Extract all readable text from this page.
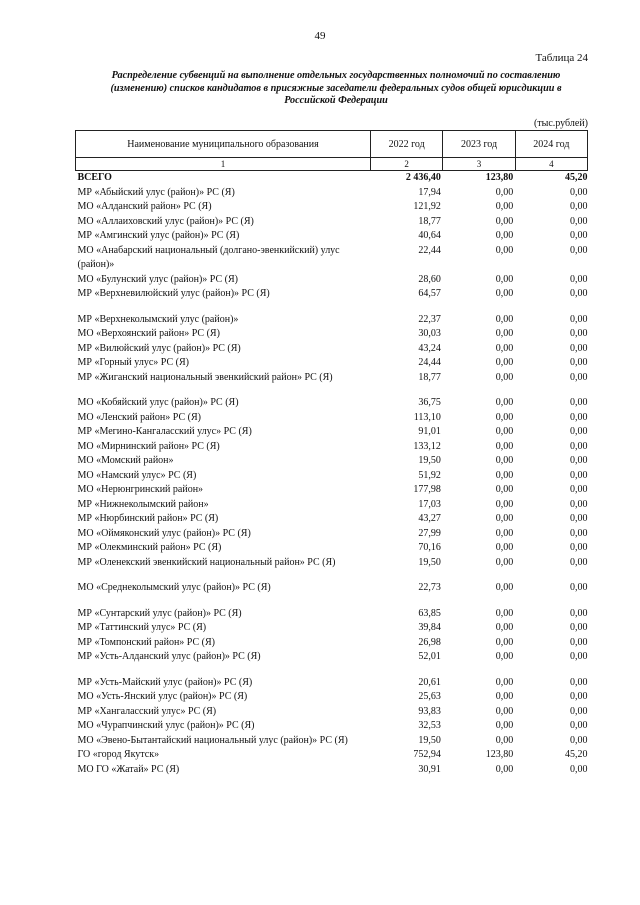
49
Таблица 24
Распределение субвенций на выполнение отдельных государственных полномочий по составлению (изменению) списков кандидатов в присяжные заседатели федеральных судов общей юрисдикции в Российской Федерации
(тыс.рублей)
Наименование муниципального образования	2022 год	2023 год	2024 год
1	2	3	4
ВСЕГО	2 436,40	123,80	45,20
МР «Абыйский улус (район)» РС (Я)	17,94	0,00	0,00
МО «Алданский район» РС (Я)	121,92	0,00	0,00
МО «Аллаиховский улус (район)» РС (Я)	18,77	0,00	0,00
МР «Амгинский улус (район)» РС (Я)	40,64	0,00	0,00
МО «Анабарский национальный (долгано-эвенкийский) улус (район)»	22,44	0,00	0,00
МО «Булунский улус (район)» РС (Я)	28,60	0,00	0,00
МР «Верхневилюйский улус (район)» РС (Я)	64,57	0,00	0,00

МР «Верхнеколымский улус (район)»	22,37	0,00	0,00
МО «Верхоянский район» РС (Я)	30,03	0,00	0,00
МР «Вилюйский улус (район)» РС (Я)	43,24	0,00	0,00
МР «Горный улус» РС (Я)	24,44	0,00	0,00
МР «Жиганский национальный эвенкийский район» РС (Я)	18,77	0,00	0,00

МО «Кобяйский улус (район)» РС (Я)	36,75	0,00	0,00
МО «Ленский район» РС (Я)	113,10	0,00	0,00
МР «Мегино-Кангаласский улус» РС (Я)	91,01	0,00	0,00
МО «Мирнинский район» РС (Я)	133,12	0,00	0,00
МО «Момский район»	19,50	0,00	0,00
МО «Намский улус» РС (Я)	51,92	0,00	0,00
МО «Нерюнгринский район»	177,98	0,00	0,00
МР «Нижнеколымский район»	17,03	0,00	0,00
МР «Нюрбинский район» РС (Я)	43,27	0,00	0,00
МО «Оймяконский улус (район)» РС (Я)	27,99	0,00	0,00
МР «Олекминский район» РС (Я)	70,16	0,00	0,00
МР «Оленекский эвенкийский национальный район» РС (Я)	19,50	0,00	0,00

МО «Среднеколымский улус (район)» РС (Я)	22,73	0,00	0,00

МР «Сунтарский улус (район)» РС (Я)	63,85	0,00	0,00
МР «Таттинский улус» РС (Я)	39,84	0,00	0,00
МР «Томпонский район» РС (Я)	26,98	0,00	0,00
МР «Усть-Алданский улус (район)» РС (Я)	52,01	0,00	0,00

МР «Усть-Майский улус (район)» РС (Я)	20,61	0,00	0,00
МО «Усть-Янский улус (район)» РС (Я)	25,63	0,00	0,00
МР «Хангаласский улус» РС (Я)	93,83	0,00	0,00
МО «Чурапчинский улус (район)» РС (Я)	32,53	0,00	0,00
МО «Эвено-Бытантайский национальный улус (район)» РС (Я)	19,50	0,00	0,00
ГО «город Якутск»	752,94	123,80	45,20
МО ГО «Жатай» РС (Я)	30,91	0,00	0,00
